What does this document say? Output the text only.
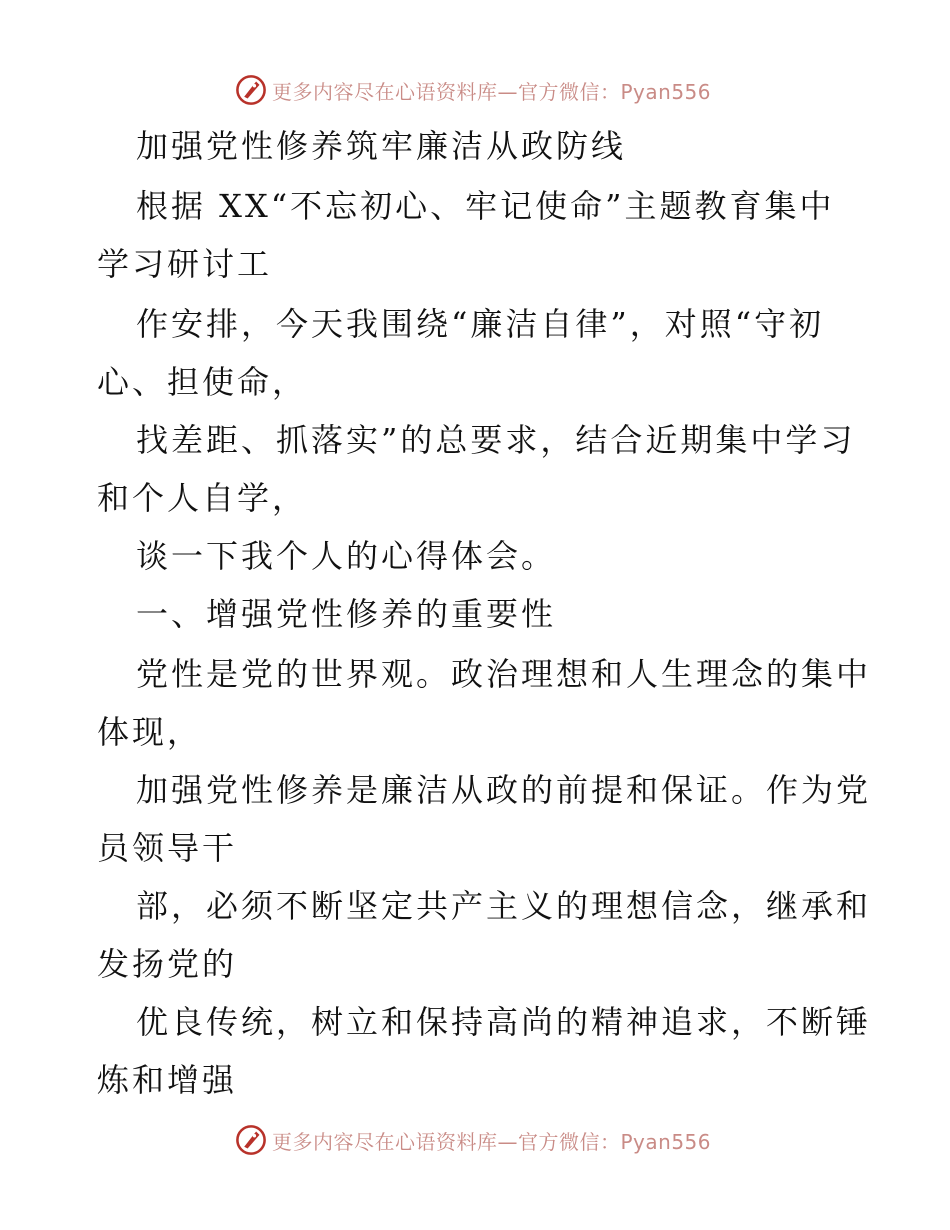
更多内容尽在心语资料库—官方微信：Pyan556
加强党性修养筑牢廉洁从政防线
根据 XX“不忘初心、牢记使命”主题教育集中
学习研讨工
作安排，今天我围绕“廉洁自律”，对照“守初
心、担使命，
找差距、抓落实”的总要求，结合近期集中学习
和个人自学，
谈一下我个人的心得体会。
一、增强党性修养的重要性
党性是党的世界观。政治理想和人生理念的集中
体现，
加强党性修养是廉洁从政的前提和保证。作为党
员领导干
部，必须不断坚定共产主义的理想信念，继承和
发扬党的
优良传统，树立和保持高尚的精神追求，不断锤
炼和增强
更多内容尽在心语资料库—官方微信：Pyan556
